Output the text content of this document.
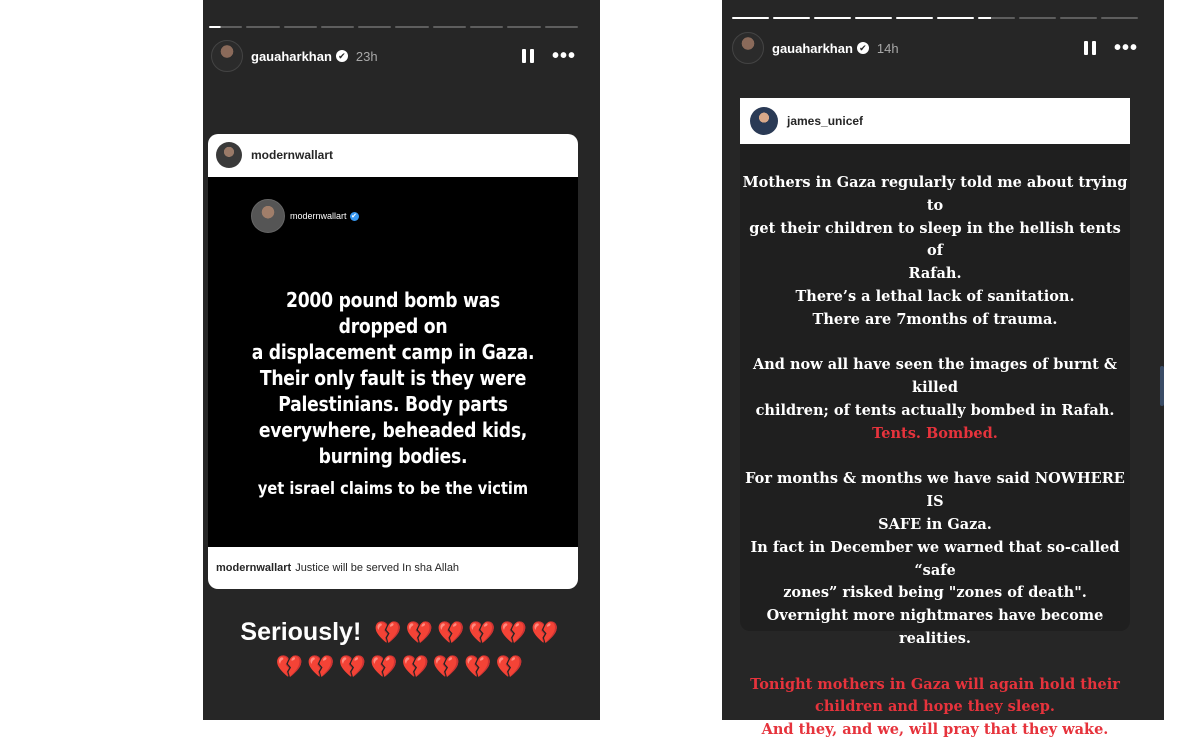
gauaharkhan ✔ 23h	•••
modernwallart
modernwallart ✔
2000 pound bomb was dropped on
a displacement camp in Gaza.
Their only fault is they were
Palestinians. Body parts
everywhere, beheaded kids,
burning bodies.
yet israel claims to be the victim
modernwallart Justice will be served In sha Allah
Seriously! 💔💔💔💔💔💔
💔💔💔💔💔💔💔💔
gauaharkhan ✔ 14h	•••
james_unicef

Mothers in Gaza regularly told me about trying to

get their children to sleep in the hellish tents of

Rafah.

There’s a lethal lack of sanitation.

There are 7months of trauma.

And now all have seen the images of burnt & killed

children; of tents actually bombed in Rafah.

Tents. Bombed.

For months & months we have said NOWHERE IS

SAFE in Gaza.

In fact in December we warned that so-called “safe

zones” risked being "zones of death".

Overnight more nightmares have become realities.

Tonight mothers in Gaza will again hold their

children and hope they sleep.

And they, and we, will pray that they wake.
